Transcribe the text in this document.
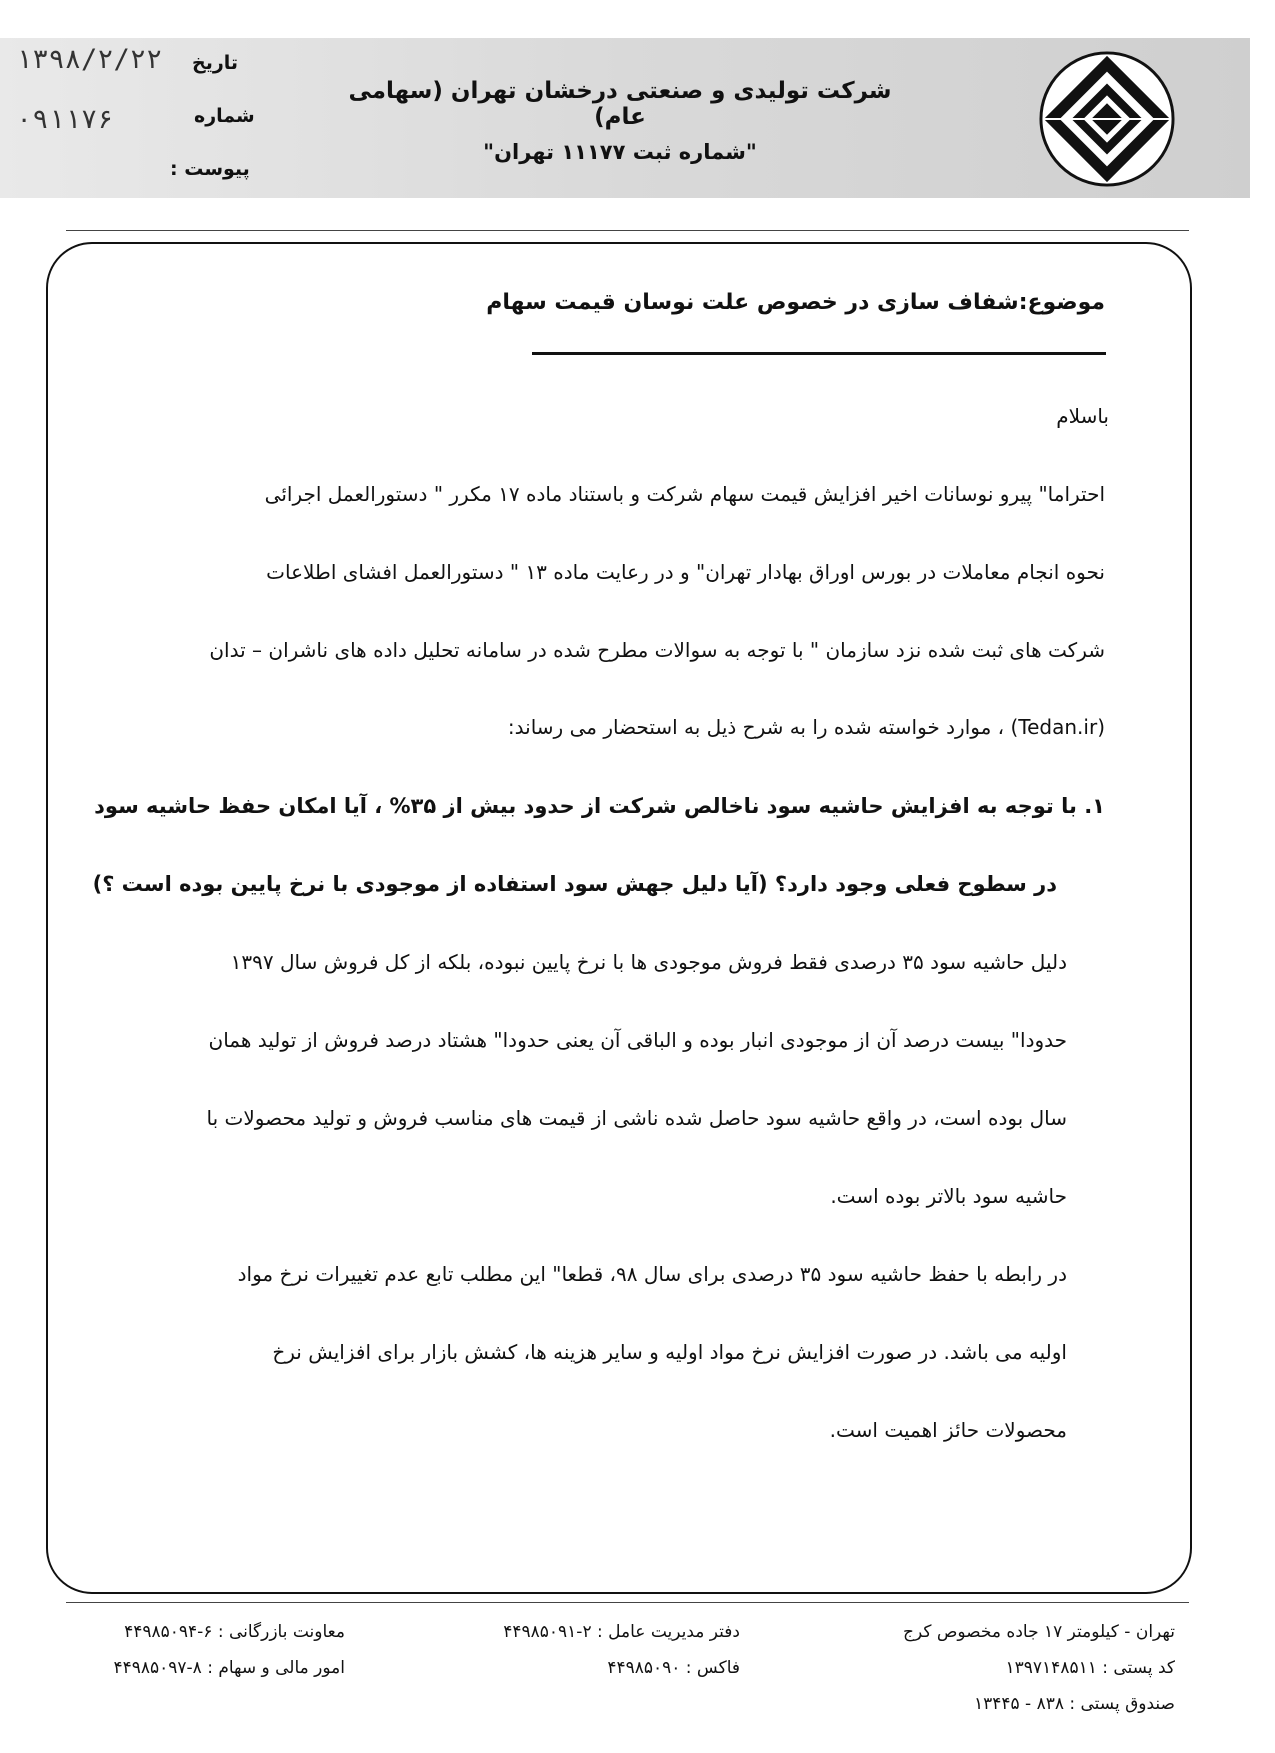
۱۳۹۸/۲/۲۲ تاریخ
۰۹۱۱۷۶	شماره
پیوست :
شرکت تولیدی و صنعتی درخشان تهران (سهامی عام)
"شماره ثبت ۱۱۱۷۷ تهران"
موضوع:شفاف سازی در خصوص علت نوسان قیمت سهام
باسلام
احتراما" پیرو نوسانات اخیر افزایش قیمت سهام شرکت و باستناد ماده ۱۷ مکرر " دستورالعمل اجرائی
نحوه انجام معاملات در بورس اوراق بهادار تهران" و در رعایت ماده ۱۳ " دستورالعمل افشای اطلاعات
شرکت های ثبت شده نزد سازمان " با توجه به سوالات مطرح شده در سامانه تحلیل داده های ناشران – تدان
(Tedan.ir) ، موارد خواسته شده را به شرح ذیل به استحضار می رساند:
۱. با توجه به افزایش حاشیه سود ناخالص شرکت از حدود بیش از ۳۵% ، آیا امکان حفظ حاشیه سود
در سطوح فعلی وجود دارد؟ (آیا دلیل جهش سود استفاده از موجودی با نرخ پایین بوده است ؟)
دلیل حاشیه سود ۳۵ درصدی فقط فروش موجودی ها با نرخ پایین نبوده، بلکه از کل فروش سال ۱۳۹۷
حدودا" بیست درصد آن از موجودی انبار بوده و الباقی آن یعنی حدودا" هشتاد درصد فروش از تولید همان
سال بوده است، در واقع حاشیه سود حاصل شده ناشی از قیمت های مناسب فروش و تولید محصولات با
حاشیه سود بالاتر بوده است.
در رابطه با حفظ حاشیه سود ۳۵ درصدی برای سال ۹۸، قطعا" این مطلب تابع عدم تغییرات نرخ مواد
اولیه می باشد. در صورت افزایش نرخ مواد اولیه و سایر هزینه ها، کشش بازار برای افزایش نرخ
محصولات حائز اهمیت است.
تهران - کیلومتر ۱۷ جاده مخصوص کرج
کد پستی : ۱۳۹۷۱۴۸۵۱۱
صندوق پستی : ۸۳۸ - ۱۳۴۴۵
دفتر مدیریت عامل : ۲-۴۴۹۸۵۰۹۱
فاکس : ۴۴۹۸۵۰۹۰
معاونت بازرگانی : ۶-۴۴۹۸۵۰۹۴
امور مالی و سهام : ۸-۴۴۹۸۵۰۹۷
